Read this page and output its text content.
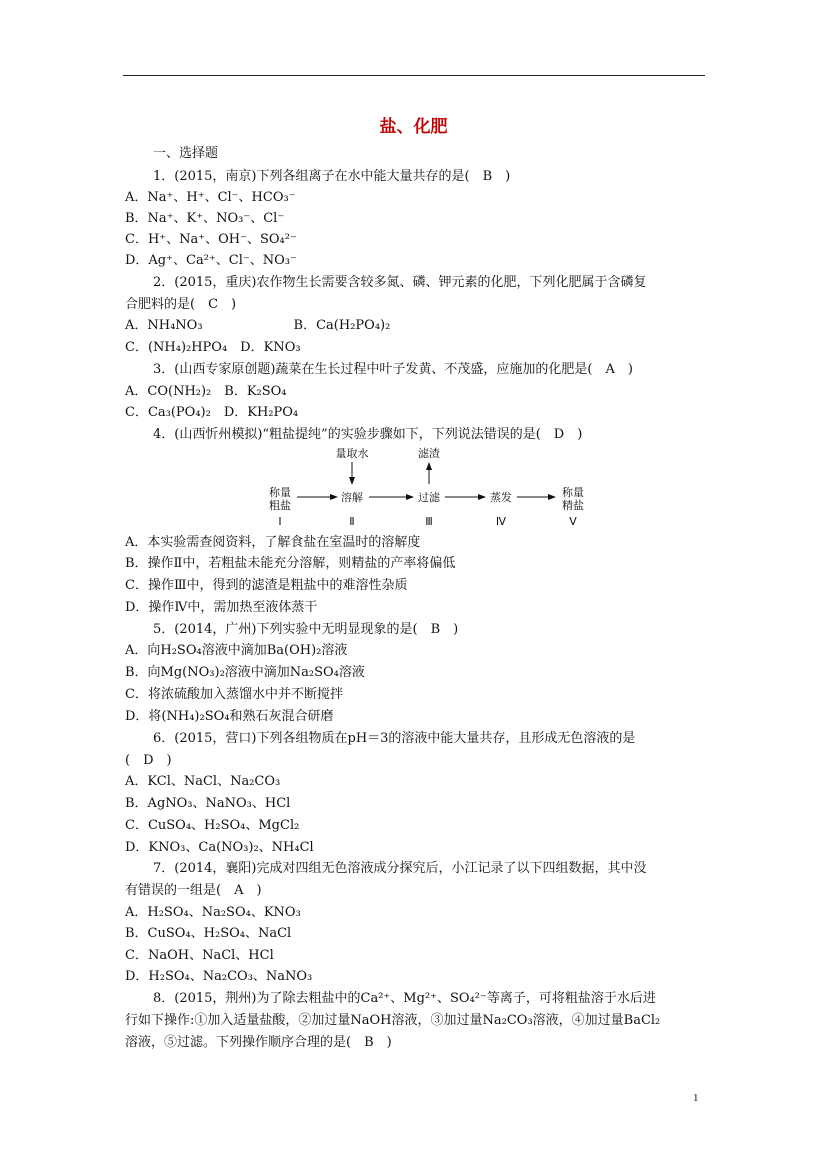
盐、化肥
一、选择题
1．(2015，南京)下列各组离子在水中能大量共存的是(　B　)
A．Na⁺、H⁺、Cl⁻、HCO₃⁻
B．Na⁺、K⁺、NO₃⁻、Cl⁻
C．H⁺、Na⁺、OH⁻、SO₄²⁻
D．Ag⁺、Ca²⁺、Cl⁻、NO₃⁻
2．(2015，重庆)农作物生长需要含较多氮、磷、钾元素的化肥，下列化肥属于含磷复
合肥料的是(　C　)
A．NH₄NO₃　　　　　　　B．Ca(H₂PO₄)₂
C．(NH₄)₂HPO₄　D．KNO₃
3．(山西专家原创题)蔬菜在生长过程中叶子发黄、不茂盛，应施加的化肥是(　A　)
A．CO(NH₂)₂　B．K₂SO₄
C．Ca₃(PO₄)₂　D．KH₂PO₄
4．(山西忻州模拟)“粗盐提纯”的实验步骤如下，下列说法错误的是(　D　)
A．本实验需查阅资料，了解食盐在室温时的溶解度
B．操作Ⅱ中，若粗盐未能充分溶解，则精盐的产率将偏低
C．操作Ⅲ中，得到的滤渣是粗盐中的难溶性杂质
D．操作Ⅳ中，需加热至液体蒸干
5．(2014，广州)下列实验中无明显现象的是(　B　)
A．向H₂SO₄溶液中滴加Ba(OH)₂溶液
B．向Mg(NO₃)₂溶液中滴加Na₂SO₄溶液
C．将浓硫酸加入蒸馏水中并不断搅拌
D．将(NH₄)₂SO₄和熟石灰混合研磨
6．(2015，营口)下列各组物质在pH＝3的溶液中能大量共存，且形成无色溶液的是
(　D　)
A．KCl、NaCl、Na₂CO₃
B．AgNO₃、NaNO₃、HCl
C．CuSO₄、H₂SO₄、MgCl₂
D．KNO₃、Ca(NO₃)₂、NH₄Cl
7．(2014，襄阳)完成对四组无色溶液成分探究后，小江记录了以下四组数据，其中没
有错误的一组是(　A　)
A．H₂SO₄、Na₂SO₄、KNO₃
B．CuSO₄、H₂SO₄、NaCl
C．NaOH、NaCl、HCl
D．H₂SO₄、Na₂CO₃、NaNO₃
8．(2015，荆州)为了除去粗盐中的Ca²⁺、Mg²⁺、SO₄²⁻等离子，可将粗盐溶于水后进
行如下操作:①加入适量盐酸，②加过量NaOH溶液，③加过量Na₂CO₃溶液，④加过量BaCl₂
溶液，⑤过滤。下列操作顺序合理的是(　B　)
量取水	滤渣
称量
粗盐
Ⅰ
溶解
Ⅱ
过滤
Ⅲ
蒸发
Ⅳ
称量
精盐
Ⅴ
1
